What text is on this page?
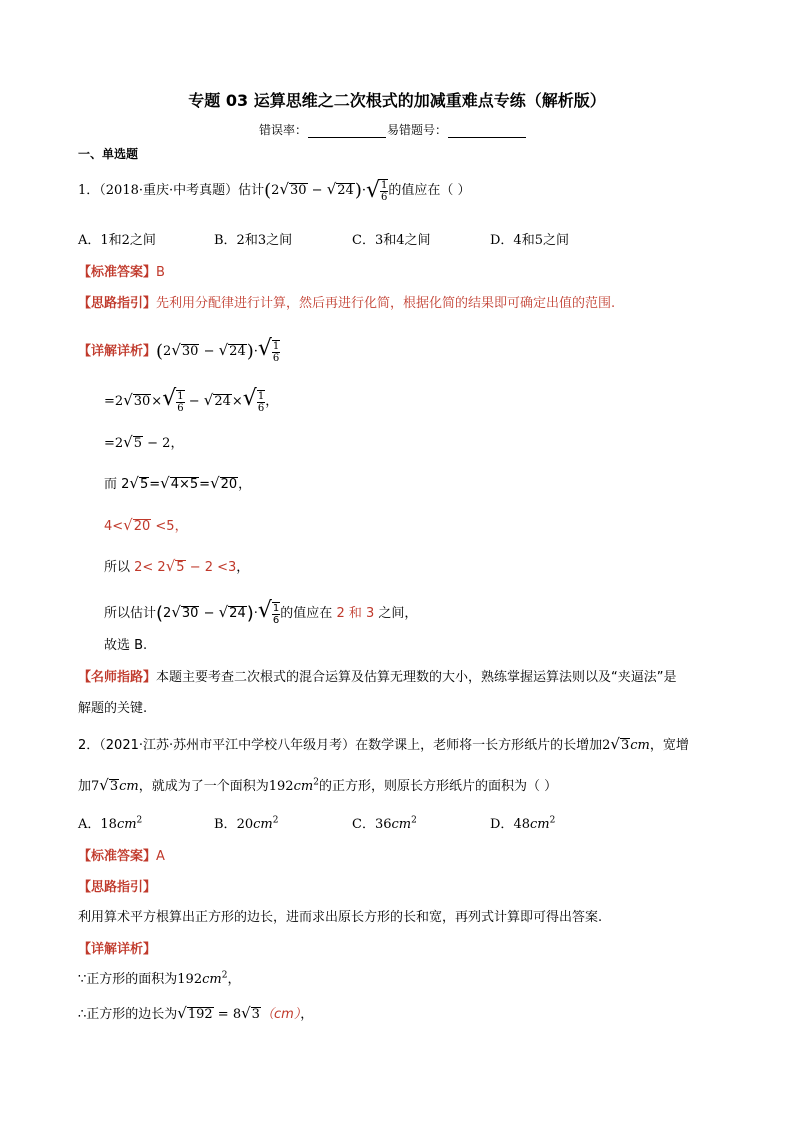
专题 03 运算思维之二次根式的加减重难点专练（解析版）
错误率：	易错题号：
一、单选题
1．（2018·重庆·中考真题）估计$(2√30 - √24)\cdot√ \frac{1}{6}$ 的值应在（ ）
A．1和2之间	B．2和3之间	C．3和4之间	D．4和5之间
【标准答案】B
【思路指引】先利用分配律进行计算，然后再进行化简，根据化简的结果即可确定出值的范围.
【详解详析】$(2√30 - √24)\cdot√ \frac{1}{6}$
$=2√30\times√ \frac{1}{6} - √24\times√ \frac{1}{6}$ ，
=2√5 − 2，
而 2√5=√4×5=√20，
4<√20 <5，
所以 2< 2√5 − 2 <3，
所以估计$(2√30 - √24)\cdot√ \frac{1}{6}$ 的值应在 2 和 3 之间，
故选 B.
【名师指路】本题主要考查二次根式的混合运算及估算无理数的大小，熟练掌握运算法则以及“夹逼法”是
解题的关键.
2．（2021·江苏·苏州市平江中学校八年级月考）在数学课上，老师将一长方形纸片的长增加2√3cm，宽增
加7√3cm，就成为了一个面积为$192cm^2$的正方形，则原长方形纸片的面积为（ ）
A．$18cm^2$	B．$20cm^2$	C．$36cm^2$	D．$48cm^2$
【标准答案】A
【思路指引】
利用算术平方根算出正方形的边长，进而求出原长方形的长和宽，再列式计算即可得出答案.
【详解详析】
∵正方形的面积为$192cm^2$，
∴正方形的边长为√192 = 8√3（cm），
